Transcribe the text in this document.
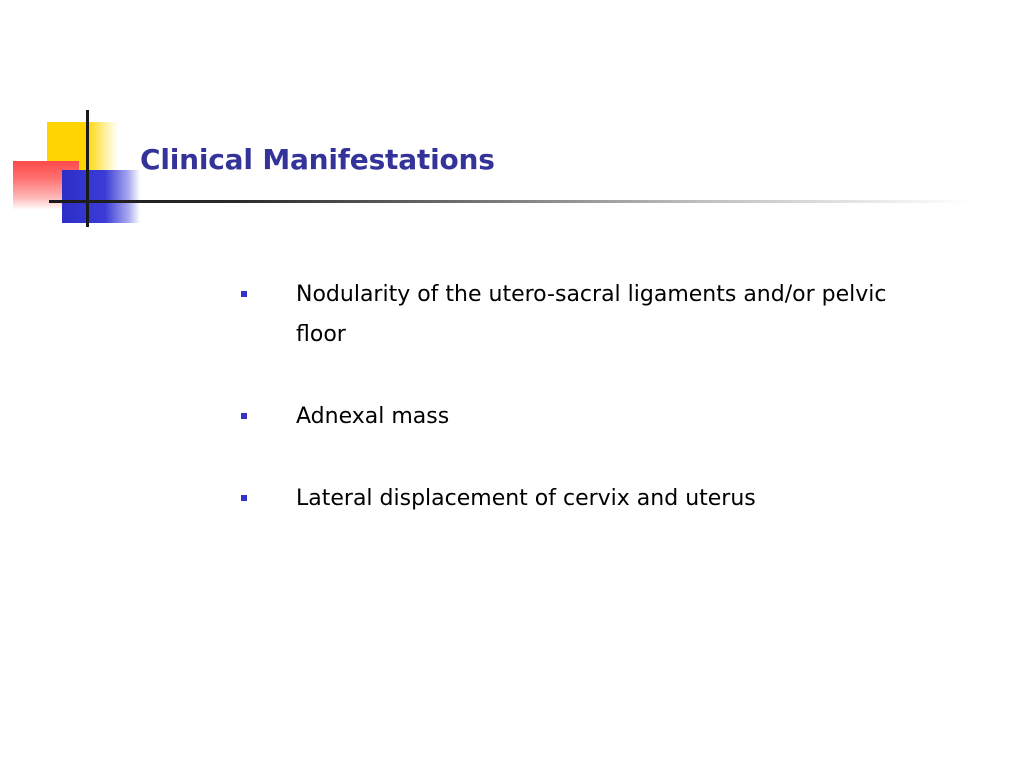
Clinical Manifestations
Nodularity of the utero-sacral ligaments and/or pelvic floor
Adnexal mass
Lateral displacement of cervix and uterus
